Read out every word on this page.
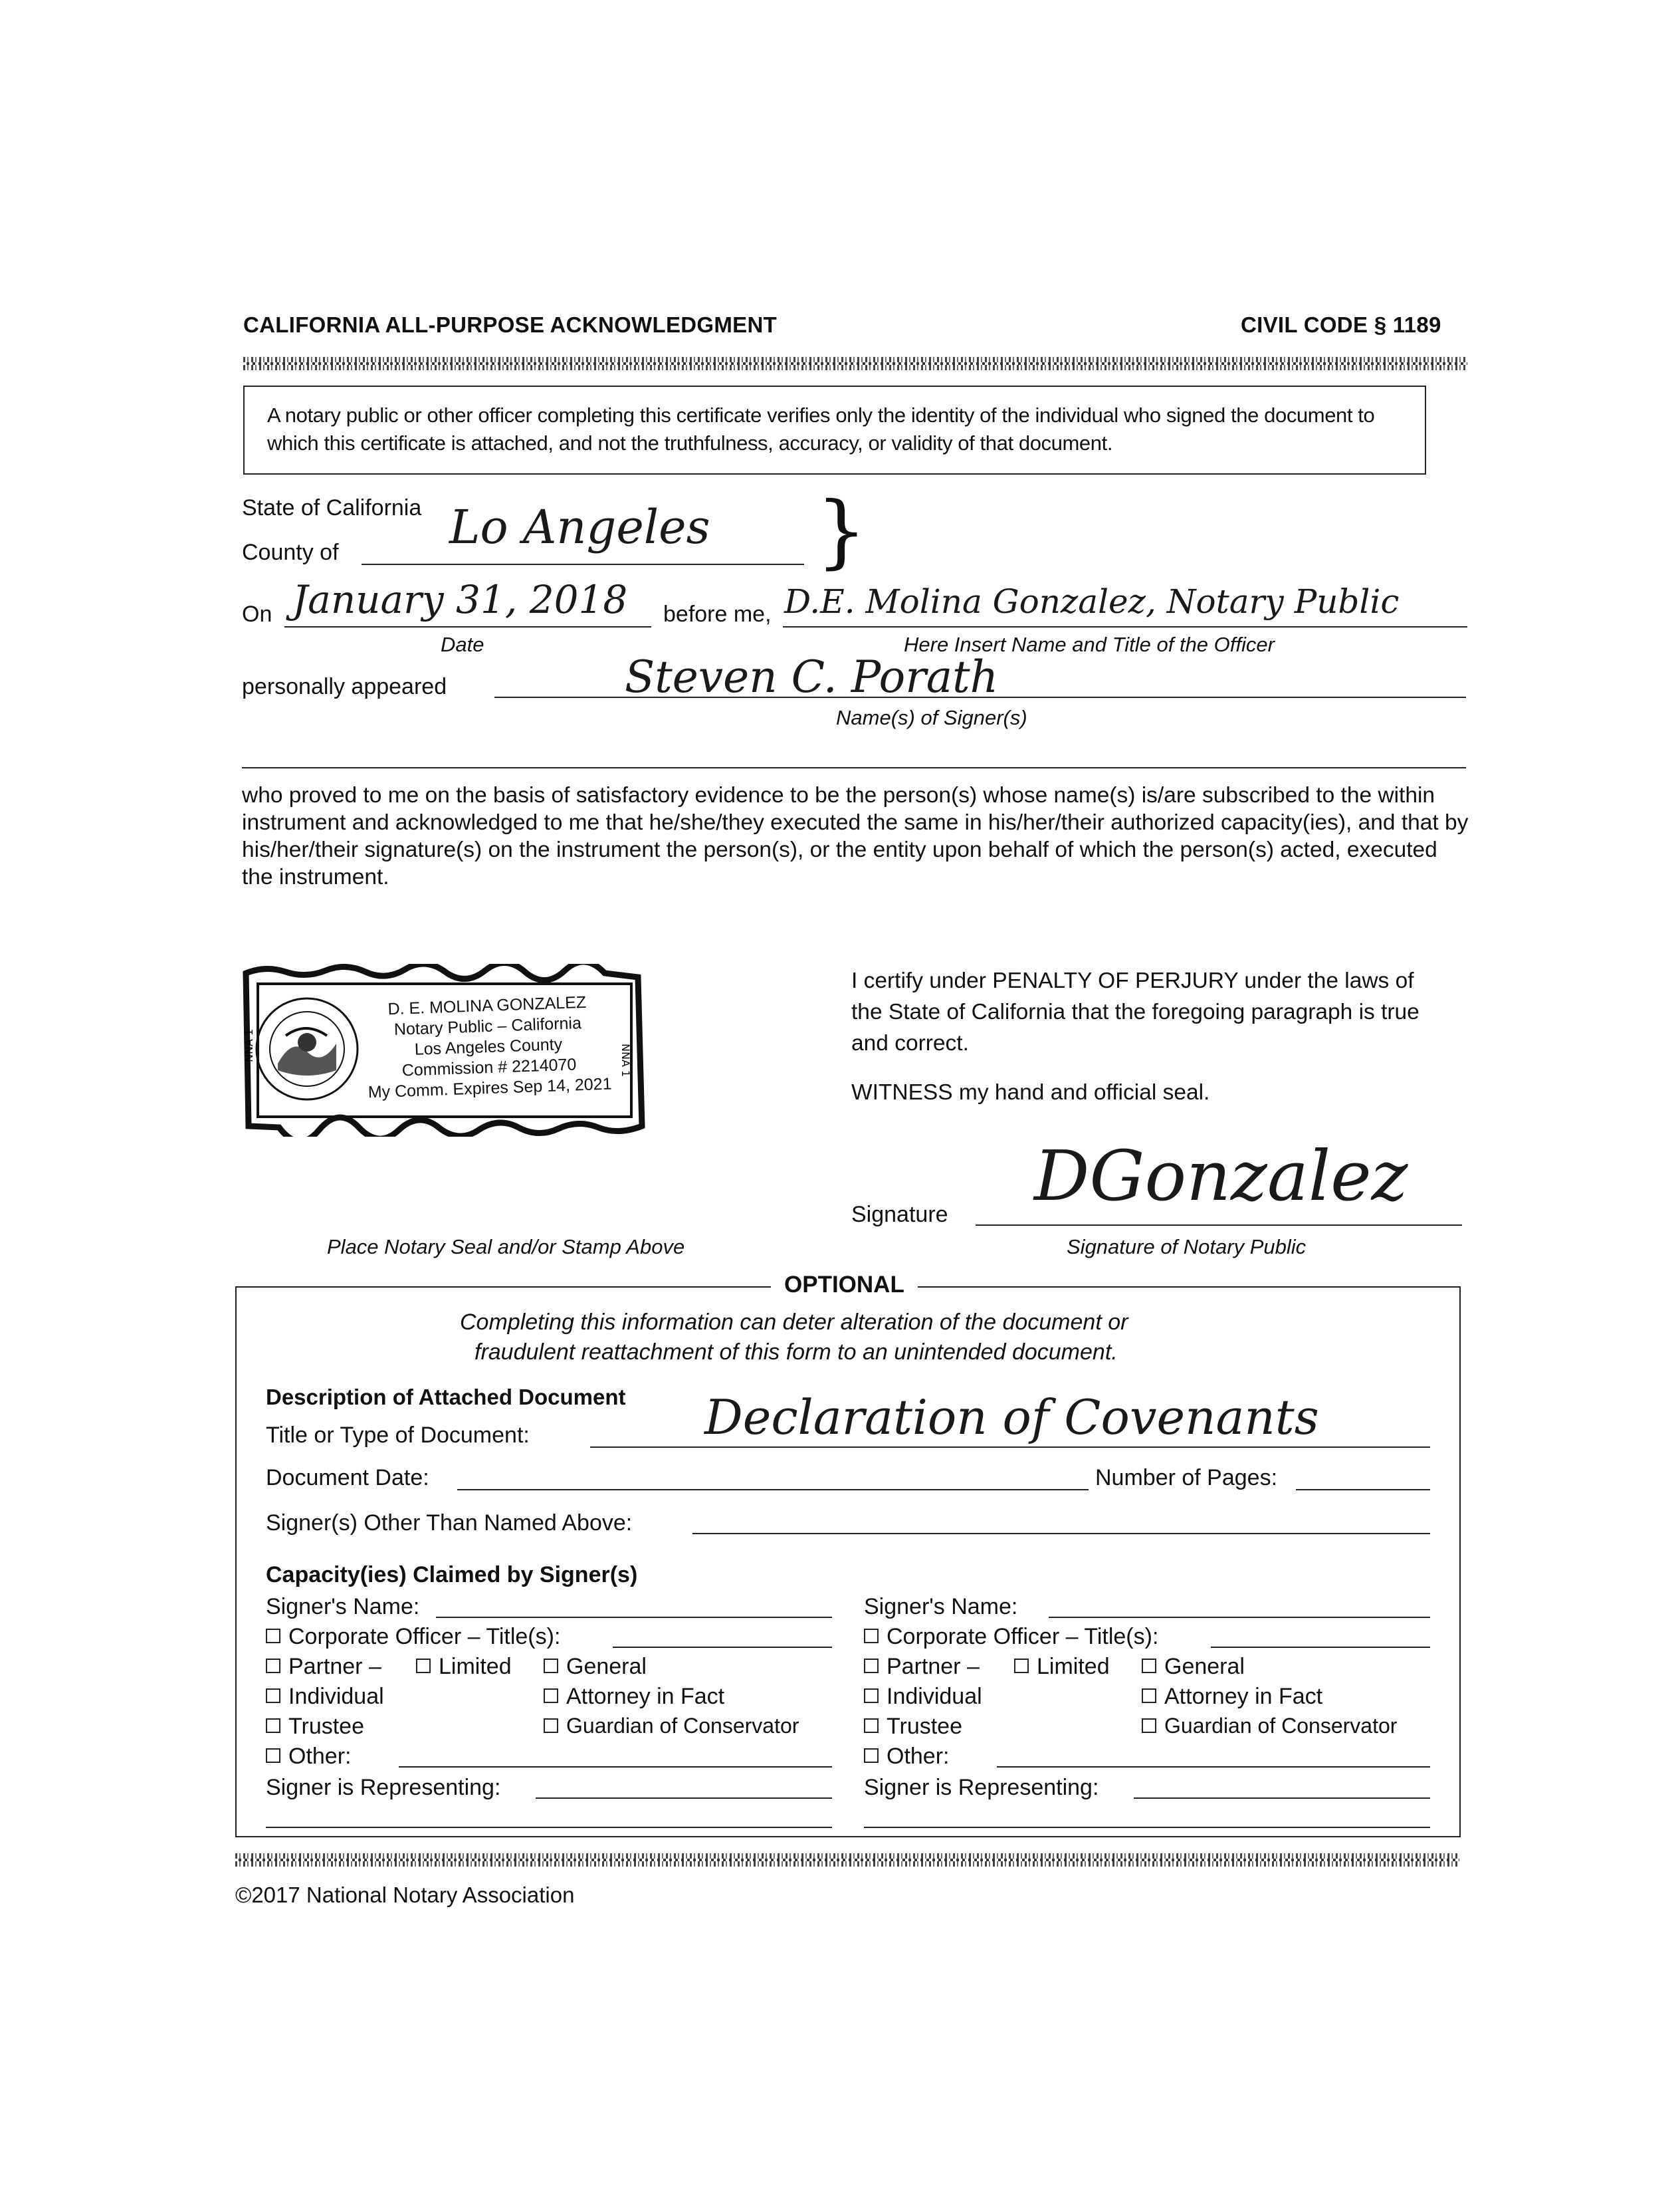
CALIFORNIA ALL-PURPOSE ACKNOWLEDGMENT	CIVIL CODE § 1189
A notary public or other officer completing this certificate verifies only the identity of the individual who signed the document to which this certificate is attached, and not the truthfulness, accuracy, or validity of that document.
State of California
County of Lo Angeles }
On January 31, 2018 before me, D.E. Molina Gonzalez, Notary Public
Date	Here Insert Name and Title of the Officer
personally appeared	Steven C. Porath
Name(s) of Signer(s)
who proved to me on the basis of satisfactory evidence to be the person(s) whose name(s) is/are subscribed to the within instrument and acknowledged to me that he/she/they executed the same in his/her/their authorized capacity(ies), and that by his/her/their signature(s) on the instrument the person(s), or the entity upon behalf of which the person(s) acted, executed the instrument.
NNA 1	NNA 1
D. E. MOLINA GONZALEZ
Notary Public – California
Los Angeles County
Commission # 2214070
My Comm. Expires Sep 14, 2021
I certify under PENALTY OF PERJURY under the laws of the State of California that the foregoing paragraph is true and correct.
WITNESS my hand and official seal.
Signature DGonzalez
Signature of Notary Public
Place Notary Seal and/or Stamp Above
OPTIONAL
Completing this information can deter alteration of the document or
fraudulent reattachment of this form to an unintended document.
Description of Attached Document
Title or Type of Document:	Declaration of Covenants
Document Date:	Number of Pages:
Signer(s) Other Than Named Above:
Capacity(ies) Claimed by Signer(s)
Signer's Name:
Corporate Officer – Title(s):
Partner –	Limited	General
Individual	Attorney in Fact
Trustee	Guardian of Conservator
Other:
Signer is Representing:
Signer's Name:
Corporate Officer – Title(s):
Partner –	Limited	General
Individual	Attorney in Fact
Trustee	Guardian of Conservator
Other:
Signer is Representing:
©2017 National Notary Association
